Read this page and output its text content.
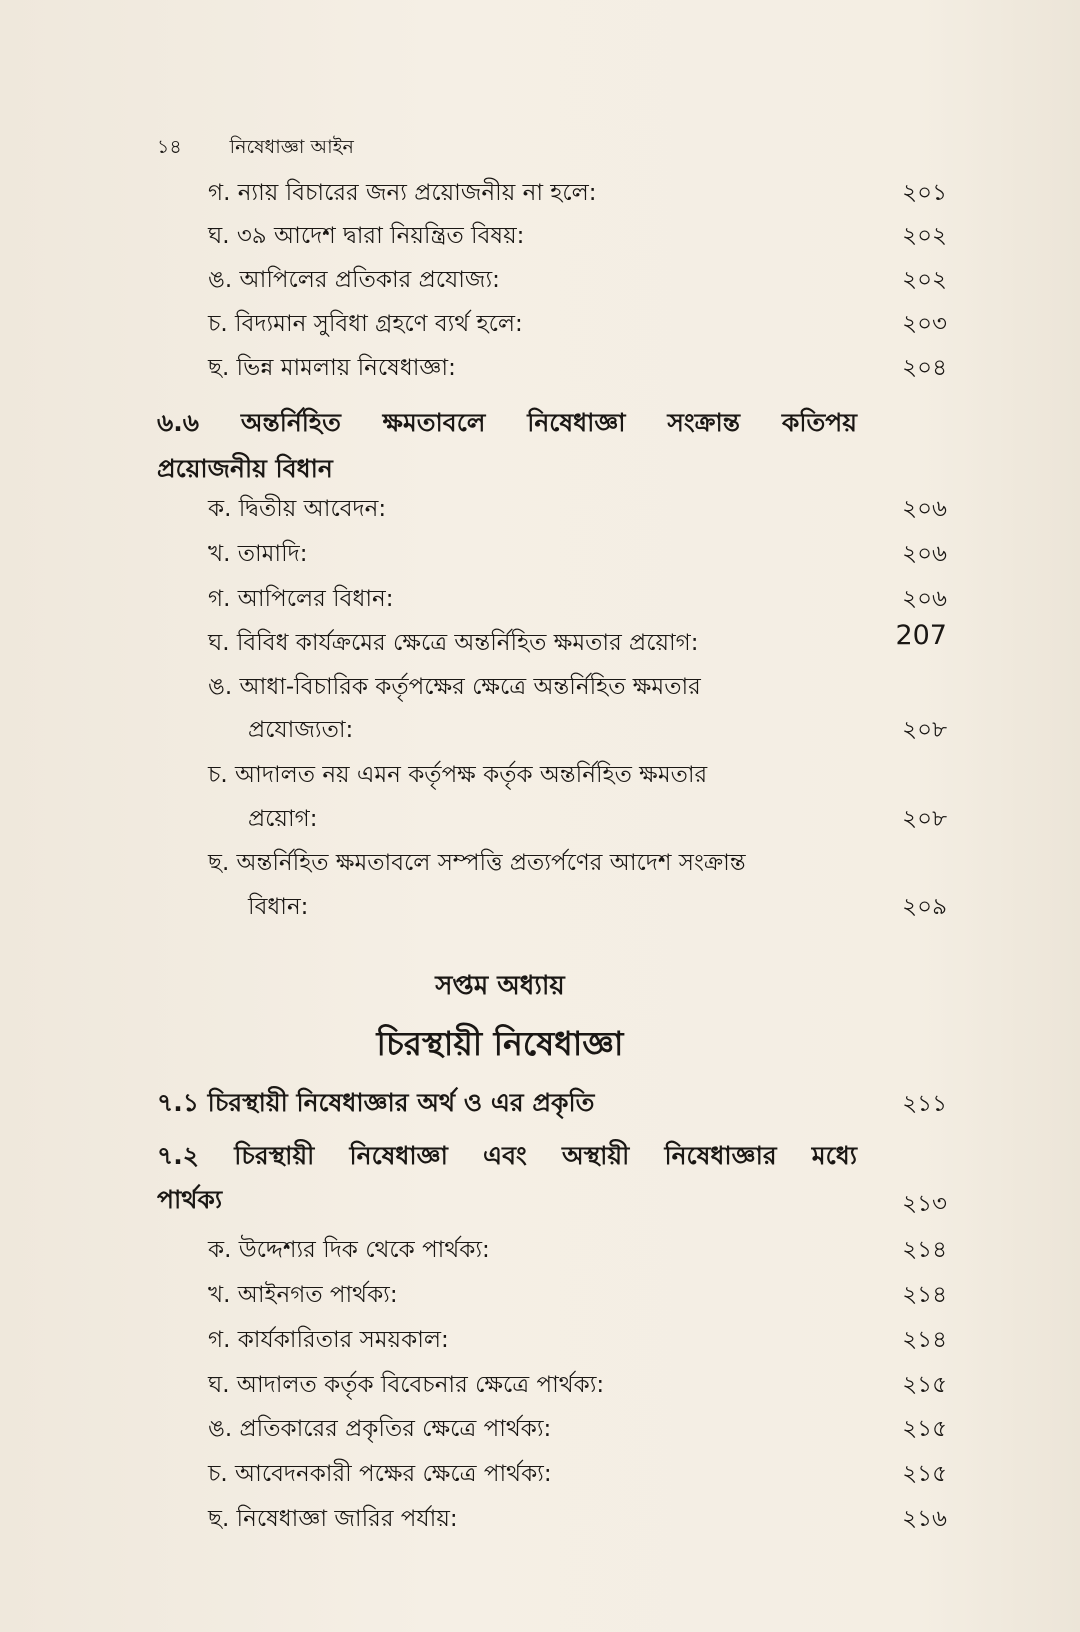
১৪	নিষেধাজ্ঞা আইন
গ. ন্যায় বিচারের জন্য প্রয়োজনীয় না হলে:	২০১
ঘ. ৩৯ আদেশ দ্বারা নিয়ন্ত্রিত বিষয়:	২০২
ঙ. আপিলের প্রতিকার প্রযোজ্য:	২০২
চ. বিদ্যমান সুবিধা গ্রহণে ব্যর্থ হলে:	২০৩
ছ. ভিন্ন মামলায় নিষেধাজ্ঞা:	২০৪
৬.৬ অন্তর্নিহিত ক্ষমতাবলে নিষেধাজ্ঞা সংক্রান্ত কতিপয়
প্রয়োজনীয় বিধান
ক. দ্বিতীয় আবেদন:	২০৬
খ. তামাদি:	২০৬
গ. আপিলের বিধান:	২০৬
ঘ. বিবিধ কার্যক্রমের ক্ষেত্রে অন্তর্নিহিত ক্ষমতার প্রয়োগ:	207
ঙ. আধা-বিচারিক কর্তৃপক্ষের ক্ষেত্রে অন্তর্নিহিত ক্ষমতার
প্রযোজ্যতা:	২০৮
চ. আদালত নয় এমন কর্তৃপক্ষ কর্তৃক অন্তর্নিহিত ক্ষমতার
প্রয়োগ:	২০৮
ছ. অন্তর্নিহিত ক্ষমতাবলে সম্পত্তি প্রত্যর্পণের আদেশ সংক্রান্ত
বিধান:	২০৯
সপ্তম অধ্যায়
চিরস্থায়ী নিষেধাজ্ঞা
৭.১ চিরস্থায়ী নিষেধাজ্ঞার অর্থ ও এর প্রকৃতি	২১১
৭.২ চিরস্থায়ী নিষেধাজ্ঞা এবং অস্থায়ী নিষেধাজ্ঞার মধ্যে
পার্থক্য	২১৩
ক. উদ্দেশ্যর দিক থেকে পার্থক্য:	২১৪
খ. আইনগত পার্থক্য:	২১৪
গ. কার্যকারিতার সময়কাল:	২১৪
ঘ. আদালত কর্তৃক বিবেচনার ক্ষেত্রে পার্থক্য:	২১৫
ঙ. প্রতিকারের প্রকৃতির ক্ষেত্রে পার্থক্য:	২১৫
চ. আবেদনকারী পক্ষের ক্ষেত্রে পার্থক্য:	২১৫
ছ. নিষেধাজ্ঞা জারির পর্যায়:	২১৬
